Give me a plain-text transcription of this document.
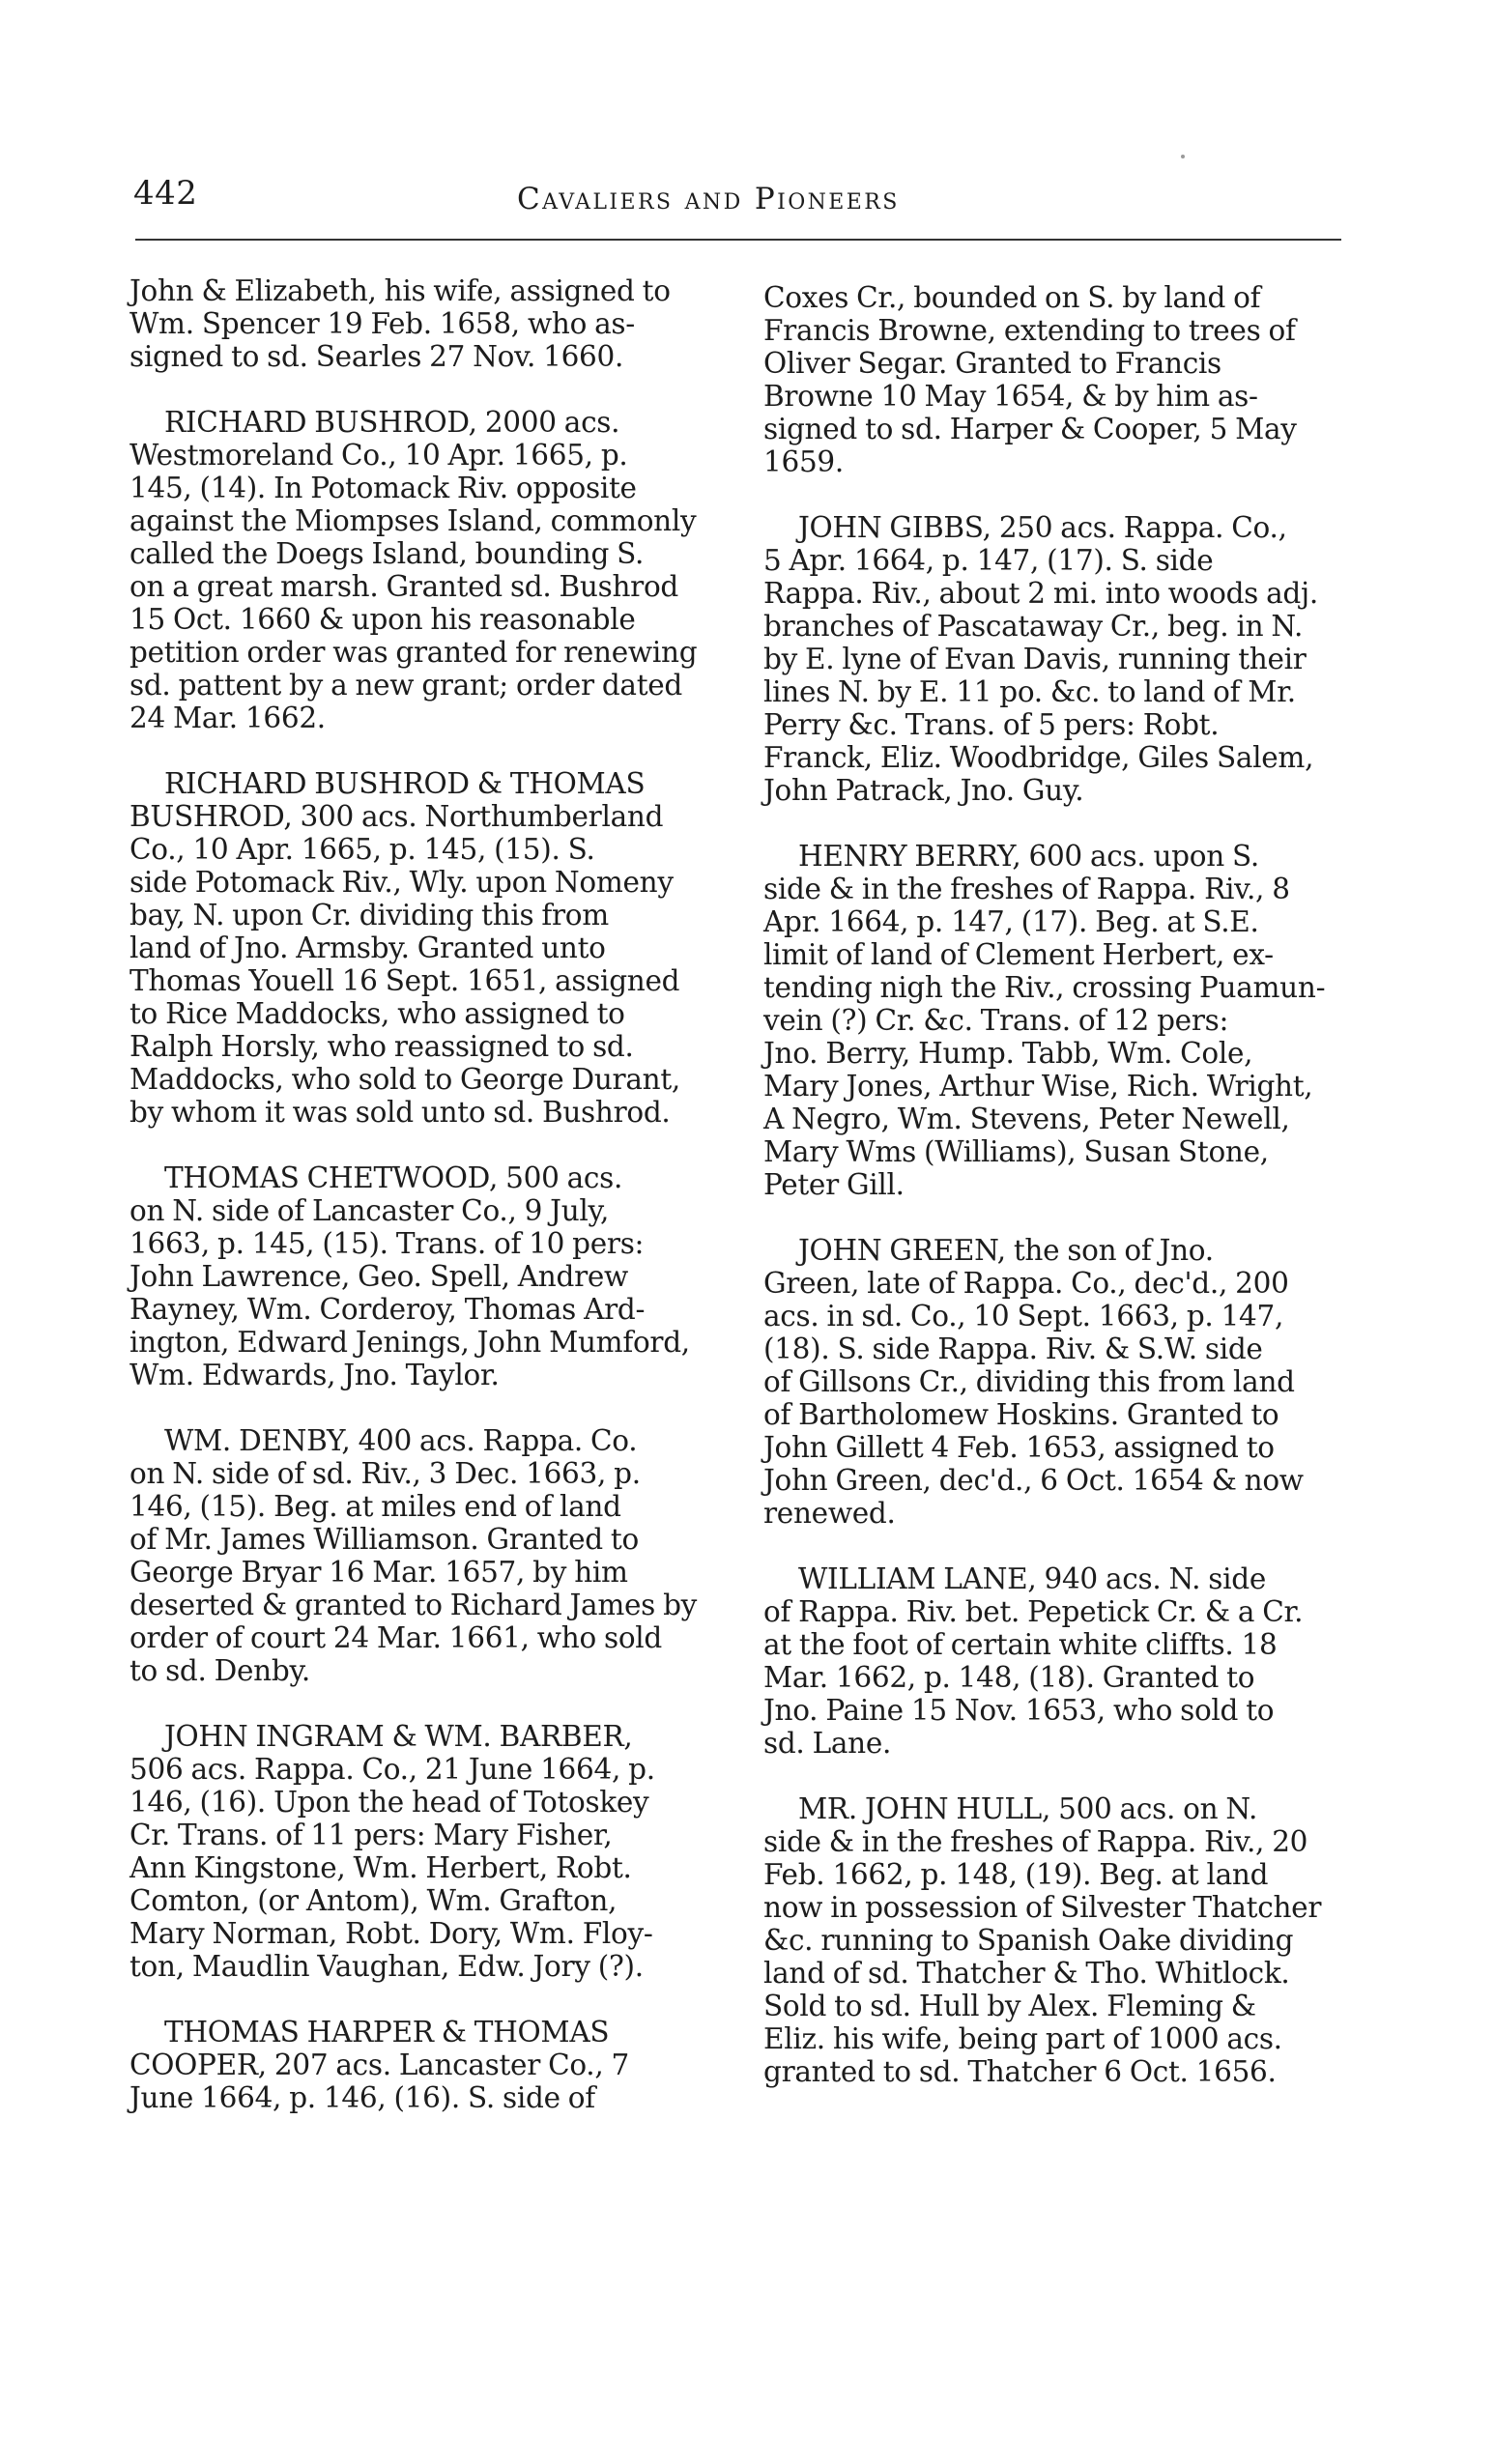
442	Cavaliers and Pioneers

John & Elizabeth, his wife, assigned to
Wm. Spencer 19 Feb. 1658, who as-
signed to sd. Searles 27 Nov. 1660.

RICHARD BUSHROD, 2000 acs.
Westmoreland Co., 10 Apr. 1665, p.
145, (14). In Potomack Riv. opposite
against the Miompses Island, commonly
called the Doegs Island, bounding S.
on a great marsh. Granted sd. Bushrod
15 Oct. 1660 & upon his reasonable
petition order was granted for renewing
sd. pattent by a new grant; order dated
24 Mar. 1662.

RICHARD BUSHROD & THOMAS
BUSHROD, 300 acs. Northumberland
Co., 10 Apr. 1665, p. 145, (15). S.
side Potomack Riv., Wly. upon Nomeny
bay, N. upon Cr. dividing this from
land of Jno. Armsby. Granted unto
Thomas Youell 16 Sept. 1651, assigned
to Rice Maddocks, who assigned to
Ralph Horsly, who reassigned to sd.
Maddocks, who sold to George Durant,
by whom it was sold unto sd. Bushrod.

THOMAS CHETWOOD, 500 acs.
on N. side of Lancaster Co., 9 July,
1663, p. 145, (15). Trans. of 10 pers:
John Lawrence, Geo. Spell, Andrew
Rayney, Wm. Corderoy, Thomas Ard-
ington, Edward Jenings, John Mumford,
Wm. Edwards, Jno. Taylor.

WM. DENBY, 400 acs. Rappa. Co.
on N. side of sd. Riv., 3 Dec. 1663, p.
146, (15). Beg. at miles end of land
of Mr. James Williamson. Granted to
George Bryar 16 Mar. 1657, by him
deserted & granted to Richard James by
order of court 24 Mar. 1661, who sold
to sd. Denby.

JOHN INGRAM & WM. BARBER,
506 acs. Rappa. Co., 21 June 1664, p.
146, (16). Upon the head of Totoskey
Cr. Trans. of 11 pers: Mary Fisher,
Ann Kingstone, Wm. Herbert, Robt.
Comton, (or Antom), Wm. Grafton,
Mary Norman, Robt. Dory, Wm. Floy-
ton, Maudlin Vaughan, Edw. Jory (?).

THOMAS HARPER & THOMAS
COOPER, 207 acs. Lancaster Co., 7
June 1664, p. 146, (16). S. side of

Coxes Cr., bounded on S. by land of
Francis Browne, extending to trees of
Oliver Segar. Granted to Francis
Browne 10 May 1654, & by him as-
signed to sd. Harper & Cooper, 5 May
1659.

JOHN GIBBS, 250 acs. Rappa. Co.,
5 Apr. 1664, p. 147, (17). S. side
Rappa. Riv., about 2 mi. into woods adj.
branches of Pascataway Cr., beg. in N.
by E. lyne of Evan Davis, running their
lines N. by E. 11 po. &c. to land of Mr.
Perry &c. Trans. of 5 pers: Robt.
Franck, Eliz. Woodbridge, Giles Salem,
John Patrack, Jno. Guy.

HENRY BERRY, 600 acs. upon S.
side & in the freshes of Rappa. Riv., 8
Apr. 1664, p. 147, (17). Beg. at S.E.
limit of land of Clement Herbert, ex-
tending nigh the Riv., crossing Puamun-
vein (?) Cr. &c. Trans. of 12 pers:
Jno. Berry, Hump. Tabb, Wm. Cole,
Mary Jones, Arthur Wise, Rich. Wright,
A Negro, Wm. Stevens, Peter Newell,
Mary Wms (Williams), Susan Stone,
Peter Gill.

JOHN GREEN, the son of Jno.
Green, late of Rappa. Co., dec'd., 200
acs. in sd. Co., 10 Sept. 1663, p. 147,
(18). S. side Rappa. Riv. & S.W. side
of Gillsons Cr., dividing this from land
of Bartholomew Hoskins. Granted to
John Gillett 4 Feb. 1653, assigned to
John Green, dec'd., 6 Oct. 1654 & now
renewed.

WILLIAM LANE, 940 acs. N. side
of Rappa. Riv. bet. Pepetick Cr. & a Cr.
at the foot of certain white cliffts. 18
Mar. 1662, p. 148, (18). Granted to
Jno. Paine 15 Nov. 1653, who sold to
sd. Lane.

MR. JOHN HULL, 500 acs. on N.
side & in the freshes of Rappa. Riv., 20
Feb. 1662, p. 148, (19). Beg. at land
now in possession of Silvester Thatcher
&c. running to Spanish Oake dividing
land of sd. Thatcher & Tho. Whitlock.
Sold to sd. Hull by Alex. Fleming &
Eliz. his wife, being part of 1000 acs.
granted to sd. Thatcher 6 Oct. 1656.
